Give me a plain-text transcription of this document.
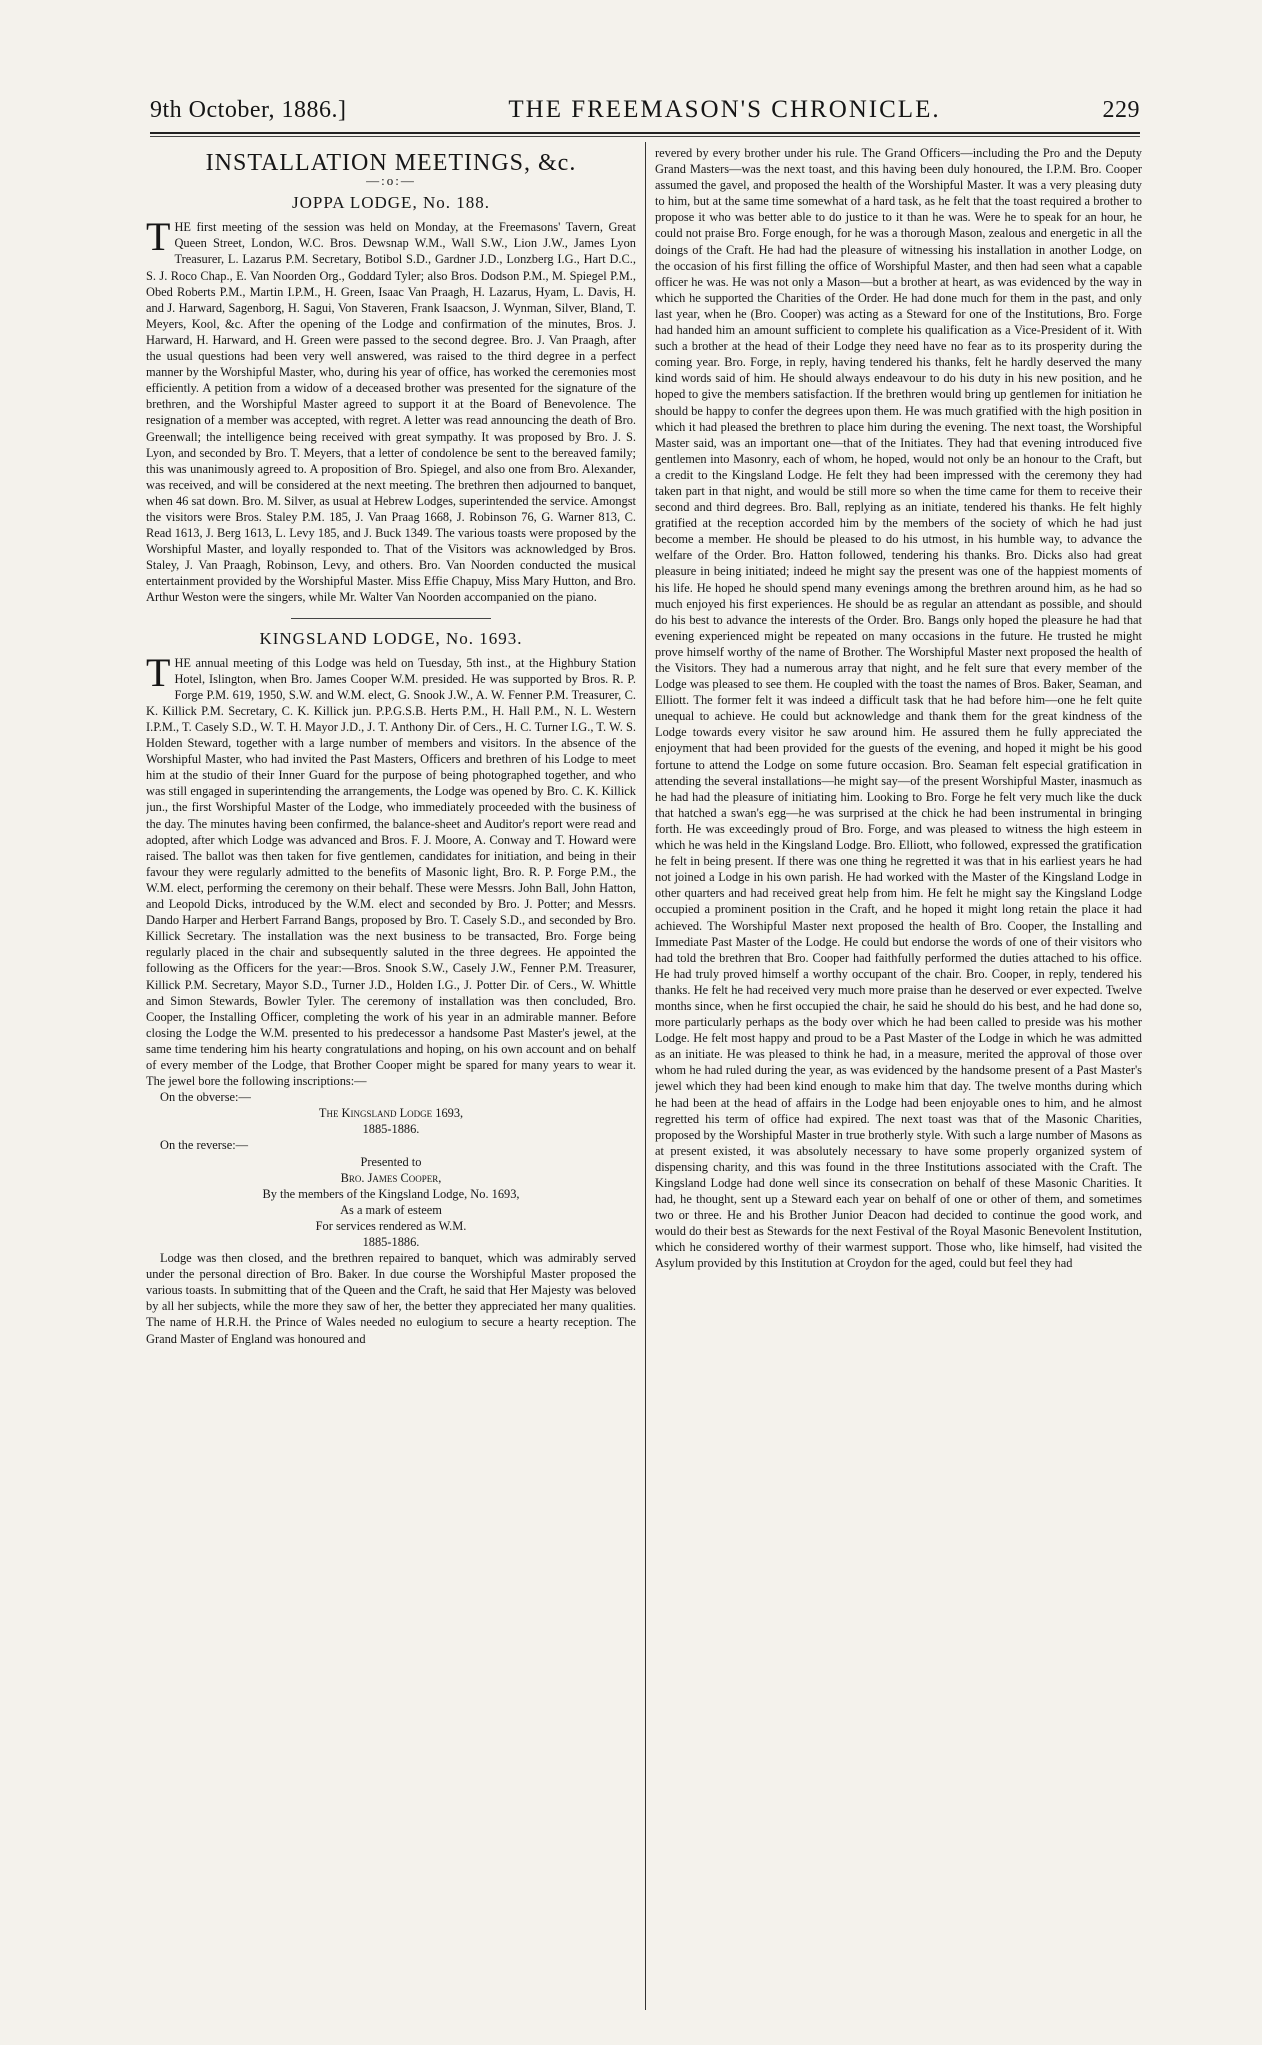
9th October, 1886.]	THE FREEMASON'S CHRONICLE.	229
INSTALLATION MEETINGS, &c.
—:o:—
JOPPA LODGE, No. 188.

THE first meeting of the session was held on Monday, at the Freemasons' Tavern, Great Queen Street, London, W.C. Bros. Dewsnap W.M., Wall S.W., Lion J.W., James Lyon Treasurer, L. Lazarus P.M. Secretary, Botibol S.D., Gardner J.D., Lonzberg I.G., Hart D.C., S. J. Roco Chap., E. Van Noorden Org., Goddard Tyler; also Bros. Dodson P.M., M. Spiegel P.M., Obed Roberts P.M., Martin I.P.M., H. Green, Isaac Van Praagh, H. Lazarus, Hyam, L. Davis, H. and J. Harward, Sagenborg, H. Sagui, Von Staveren, Frank Isaacson, J. Wynman, Silver, Bland, T. Meyers, Kool, &c. After the opening of the Lodge and confirmation of the minutes, Bros. J. Harward, H. Harward, and H. Green were passed to the second degree. Bro. J. Van Praagh, after the usual questions had been very well answered, was raised to the third degree in a perfect manner by the Worshipful Master, who, during his year of office, has worked the ceremonies most efficiently. A petition from a widow of a deceased brother was presented for the signature of the brethren, and the Worshipful Master agreed to support it at the Board of Benevolence. The resignation of a member was accepted, with regret. A letter was read announcing the death of Bro. Greenwall; the intelligence being received with great sympathy. It was proposed by Bro. J. S. Lyon, and seconded by Bro. T. Meyers, that a letter of condolence be sent to the bereaved family; this was unanimously agreed to. A proposition of Bro. Spiegel, and also one from Bro. Alexander, was received, and will be considered at the next meeting. The brethren then adjourned to banquet, when 46 sat down. Bro. M. Silver, as usual at Hebrew Lodges, superintended the service. Amongst the visitors were Bros. Staley P.M. 185, J. Van Praag 1668, J. Robinson 76, G. Warner 813, C. Read 1613, J. Berg 1613, L. Levy 185, and J. Buck 1349. The various toasts were proposed by the Worshipful Master, and loyally responded to. That of the Visitors was acknowledged by Bros. Staley, J. Van Praagh, Robinson, Levy, and others. Bro. Van Noorden conducted the musical entertainment provided by the Worshipful Master. Miss Effie Chapuy, Miss Mary Hutton, and Bro. Arthur Weston were the singers, while Mr. Walter Van Noorden accompanied on the piano.

KINGSLAND LODGE, No. 1693.

THE annual meeting of this Lodge was held on Tuesday, 5th inst., at the Highbury Station Hotel, Islington, when Bro. James Cooper W.M. presided. He was supported by Bros. R. P. Forge P.M. 619, 1950, S.W. and W.M. elect, G. Snook J.W., A. W. Fenner P.M. Treasurer, C. K. Killick P.M. Secretary, C. K. Killick jun. P.P.G.S.B. Herts P.M., H. Hall P.M., N. L. Western I.P.M., T. Casely S.D., W. T. H. Mayor J.D., J. T. Anthony Dir. of Cers., H. C. Turner I.G., T. W. S. Holden Steward, together with a large number of members and visitors. In the absence of the Worshipful Master, who had invited the Past Masters, Officers and brethren of his Lodge to meet him at the studio of their Inner Guard for the purpose of being photographed together, and who was still engaged in superintending the arrangements, the Lodge was opened by Bro. C. K. Killick jun., the first Worshipful Master of the Lodge, who immediately proceeded with the business of the day. The minutes having been confirmed, the balance-sheet and Auditor's report were read and adopted, after which Lodge was advanced and Bros. F. J. Moore, A. Conway and T. Howard were raised. The ballot was then taken for five gentlemen, candidates for initiation, and being in their favour they were regularly admitted to the benefits of Masonic light, Bro. R. P. Forge P.M., the W.M. elect, performing the ceremony on their behalf. These were Messrs. John Ball, John Hatton, and Leopold Dicks, introduced by the W.M. elect and seconded by Bro. J. Potter; and Messrs. Dando Harper and Herbert Farrand Bangs, proposed by Bro. T. Casely S.D., and seconded by Bro. Killick Secretary. The installation was the next business to be transacted, Bro. Forge being regularly placed in the chair and subsequently saluted in the three degrees. He appointed the following as the Officers for the year:—Bros. Snook S.W., Casely J.W., Fenner P.M. Treasurer, Killick P.M. Secretary, Mayor S.D., Turner J.D., Holden I.G., J. Potter Dir. of Cers., W. Whittle and Simon Stewards, Bowler Tyler. The ceremony of installation was then concluded, Bro. Cooper, the Installing Officer, completing the work of his year in an admirable manner. Before closing the Lodge the W.M. presented to his predecessor a handsome Past Master's jewel, at the same time tendering him his hearty congratulations and hoping, on his own account and on behalf of every member of the Lodge, that Brother Cooper might be spared for many years to wear it. The jewel bore the following inscriptions:—

On the obverse:—

The Kingsland Lodge 1693,

1885-1886.

On the reverse:—

Presented to

Bro. James Cooper,

By the members of the Kingsland Lodge, No. 1693,

As a mark of esteem

For services rendered as W.M.

1885-1886.

Lodge was then closed, and the brethren repaired to banquet, which was admirably served under the personal direction of Bro. Baker. In due course the Worshipful Master proposed the various toasts. In submitting that of the Queen and the Craft, he said that Her Majesty was beloved by all her subjects, while the more they saw of her, the better they appreciated her many qualities. The name of H.R.H. the Prince of Wales needed no eulogium to secure a hearty reception. The Grand Master of England was honoured and

revered by every brother under his rule. The Grand Officers—including the Pro and the Deputy Grand Masters—was the next toast, and this having been duly honoured, the I.P.M. Bro. Cooper assumed the gavel, and proposed the health of the Worshipful Master. It was a very pleasing duty to him, but at the same time somewhat of a hard task, as he felt that the toast required a brother to propose it who was better able to do justice to it than he was. Were he to speak for an hour, he could not praise Bro. Forge enough, for he was a thorough Mason, zealous and energetic in all the doings of the Craft. He had had the pleasure of witnessing his installation in another Lodge, on the occasion of his first filling the office of Worshipful Master, and then had seen what a capable officer he was. He was not only a Mason—but a brother at heart, as was evidenced by the way in which he supported the Charities of the Order. He had done much for them in the past, and only last year, when he (Bro. Cooper) was acting as a Steward for one of the Institutions, Bro. Forge had handed him an amount sufficient to complete his qualification as a Vice-President of it. With such a brother at the head of their Lodge they need have no fear as to its prosperity during the coming year. Bro. Forge, in reply, having tendered his thanks, felt he hardly deserved the many kind words said of him. He should always endeavour to do his duty in his new position, and he hoped to give the members satisfaction. If the brethren would bring up gentlemen for initiation he should be happy to confer the degrees upon them. He was much gratified with the high position in which it had pleased the brethren to place him during the evening. The next toast, the Worshipful Master said, was an important one—that of the Initiates. They had that evening introduced five gentlemen into Masonry, each of whom, he hoped, would not only be an honour to the Craft, but a credit to the Kingsland Lodge. He felt they had been impressed with the ceremony they had taken part in that night, and would be still more so when the time came for them to receive their second and third degrees. Bro. Ball, replying as an initiate, tendered his thanks. He felt highly gratified at the reception accorded him by the members of the society of which he had just become a member. He should be pleased to do his utmost, in his humble way, to advance the welfare of the Order. Bro. Hatton followed, tendering his thanks. Bro. Dicks also had great pleasure in being initiated; indeed he might say the present was one of the happiest moments of his life. He hoped he should spend many evenings among the brethren around him, as he had so much enjoyed his first experiences. He should be as regular an attendant as possible, and should do his best to advance the interests of the Order. Bro. Bangs only hoped the pleasure he had that evening experienced might be repeated on many occasions in the future. He trusted he might prove himself worthy of the name of Brother. The Worshipful Master next proposed the health of the Visitors. They had a numerous array that night, and he felt sure that every member of the Lodge was pleased to see them. He coupled with the toast the names of Bros. Baker, Seaman, and Elliott. The former felt it was indeed a difficult task that he had before him—one he felt quite unequal to achieve. He could but acknowledge and thank them for the great kindness of the Lodge towards every visitor he saw around him. He assured them he fully appreciated the enjoyment that had been provided for the guests of the evening, and hoped it might be his good fortune to attend the Lodge on some future occasion. Bro. Seaman felt especial gratification in attending the several installations—he might say—of the present Worshipful Master, inasmuch as he had had the pleasure of initiating him. Looking to Bro. Forge he felt very much like the duck that hatched a swan's egg—he was surprised at the chick he had been instrumental in bringing forth. He was exceedingly proud of Bro. Forge, and was pleased to witness the high esteem in which he was held in the Kingsland Lodge. Bro. Elliott, who followed, expressed the gratification he felt in being present. If there was one thing he regretted it was that in his earliest years he had not joined a Lodge in his own parish. He had worked with the Master of the Kingsland Lodge in other quarters and had received great help from him. He felt he might say the Kingsland Lodge occupied a prominent position in the Craft, and he hoped it might long retain the place it had achieved. The Worshipful Master next proposed the health of Bro. Cooper, the Installing and Immediate Past Master of the Lodge. He could but endorse the words of one of their visitors who had told the brethren that Bro. Cooper had faithfully performed the duties attached to his office. He had truly proved himself a worthy occupant of the chair. Bro. Cooper, in reply, tendered his thanks. He felt he had received very much more praise than he deserved or ever expected. Twelve months since, when he first occupied the chair, he said he should do his best, and he had done so, more particularly perhaps as the body over which he had been called to preside was his mother Lodge. He felt most happy and proud to be a Past Master of the Lodge in which he was admitted as an initiate. He was pleased to think he had, in a measure, merited the approval of those over whom he had ruled during the year, as was evidenced by the handsome present of a Past Master's jewel which they had been kind enough to make him that day. The twelve months during which he had been at the head of affairs in the Lodge had been enjoyable ones to him, and he almost regretted his term of office had expired. The next toast was that of the Masonic Charities, proposed by the Worshipful Master in true brotherly style. With such a large number of Masons as at present existed, it was absolutely necessary to have some properly organized system of dispensing charity, and this was found in the three Institutions associated with the Craft. The Kingsland Lodge had done well since its consecration on behalf of these Masonic Charities. It had, he thought, sent up a Steward each year on behalf of one or other of them, and sometimes two or three. He and his Brother Junior Deacon had decided to continue the good work, and would do their best as Stewards for the next Festival of the Royal Masonic Benevolent Institution, which he considered worthy of their warmest support. Those who, like himself, had visited the Asylum provided by this Institution at Croydon for the aged, could but feel they had
